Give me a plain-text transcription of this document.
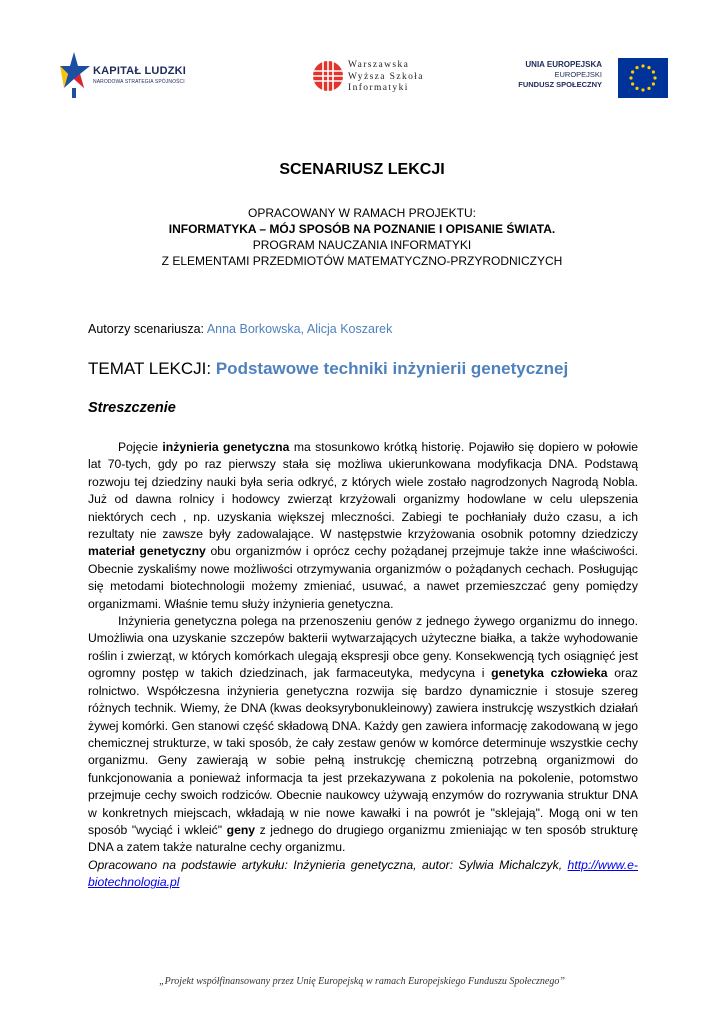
KAPITAŁ LUDZKI
NARODOWA STRATEGIA SPÓJNOŚCI
Warszawska
Wyższa Szkoła
Informatyki
UNIA EUROPEJSKA
EUROPEJSKI
FUNDUSZ SPOŁECZNY
SCENARIUSZ LEKCJI
OPRACOWANY W RAMACH PROJEKTU:
INFORMATYKA – MÓJ SPOSÓB NA POZNANIE I OPISANIE ŚWIATA.
PROGRAM NAUCZANIA INFORMATYKI
Z ELEMENTAMI PRZEDMIOTÓW MATEMATYCZNO-PRZYRODNICZYCH
Autorzy scenariusza: Anna Borkowska, Alicja Koszarek
TEMAT LEKCJI: Podstawowe techniki inżynierii genetycznej
Streszczenie

Pojęcie inżynieria genetyczna ma stosunkowo krótką historię. Pojawiło się dopiero w połowie lat 70-tych, gdy po raz pierwszy stała się możliwa ukierunkowana modyfikacja DNA. Podstawą rozwoju tej dziedziny nauki była seria odkryć, z których wiele zostało nagrodzonych Nagrodą Nobla. Już od dawna rolnicy i hodowcy zwierząt krzyżowali organizmy hodowlane w celu ulepszenia niektórych cech , np. uzyskania większej mleczności. Zabiegi te pochłaniały dużo czasu, a ich rezultaty nie zawsze były zadowalające. W następstwie krzyżowania osobnik potomny dziedziczy materiał genetyczny obu organizmów i oprócz cechy pożądanej przejmuje także inne właściwości. Obecnie zyskaliśmy nowe możliwości otrzymywania organizmów o pożądanych cechach. Posługując się metodami biotechnologii możemy zmieniać, usuwać, a nawet przemieszczać geny pomiędzy organizmami. Właśnie temu służy inżynieria genetyczna.

Inżynieria genetyczna polega na przenoszeniu genów z jednego żywego organizmu do innego. Umożliwia ona uzyskanie szczepów bakterii wytwarzających użyteczne białka, a także wyhodowanie roślin i zwierząt, w których komórkach ulegają ekspresji obce geny. Konsekwencją tych osiągnięć jest ogromny postęp w takich dziedzinach, jak farmaceutyka, medycyna i genetyka człowieka oraz rolnictwo. Współczesna inżynieria genetyczna rozwija się bardzo dynamicznie i stosuje szereg różnych technik. Wiemy, że DNA (kwas deoksyrybonukleinowy) zawiera instrukcję wszystkich działań żywej komórki. Gen stanowi część składową DNA. Każdy gen zawiera informację zakodowaną w jego chemicznej strukturze, w taki sposób, że cały zestaw genów w komórce determinuje wszystkie cechy organizmu. Geny zawierają w sobie pełną instrukcję chemiczną potrzebną organizmowi do funkcjonowania a ponieważ informacja ta jest przekazywana z pokolenia na pokolenie, potomstwo przejmuje cechy swoich rodziców. Obecnie naukowcy używają enzymów do rozrywania struktur DNA w konkretnych miejscach, wkładają w nie nowe kawałki i na powrót je "sklejają". Mogą oni w ten sposób "wyciąć i wkleić" geny z jednego do drugiego organizmu zmieniając w ten sposób strukturę DNA a zatem także naturalne cechy organizmu.

Opracowano na podstawie artykułu: Inżynieria genetyczna, autor: Sylwia Michalczyk, http://www.e-biotechnologia.pl

„Projekt współfinansowany przez Unię Europejską w ramach Europejskiego Funduszu Społecznego”
